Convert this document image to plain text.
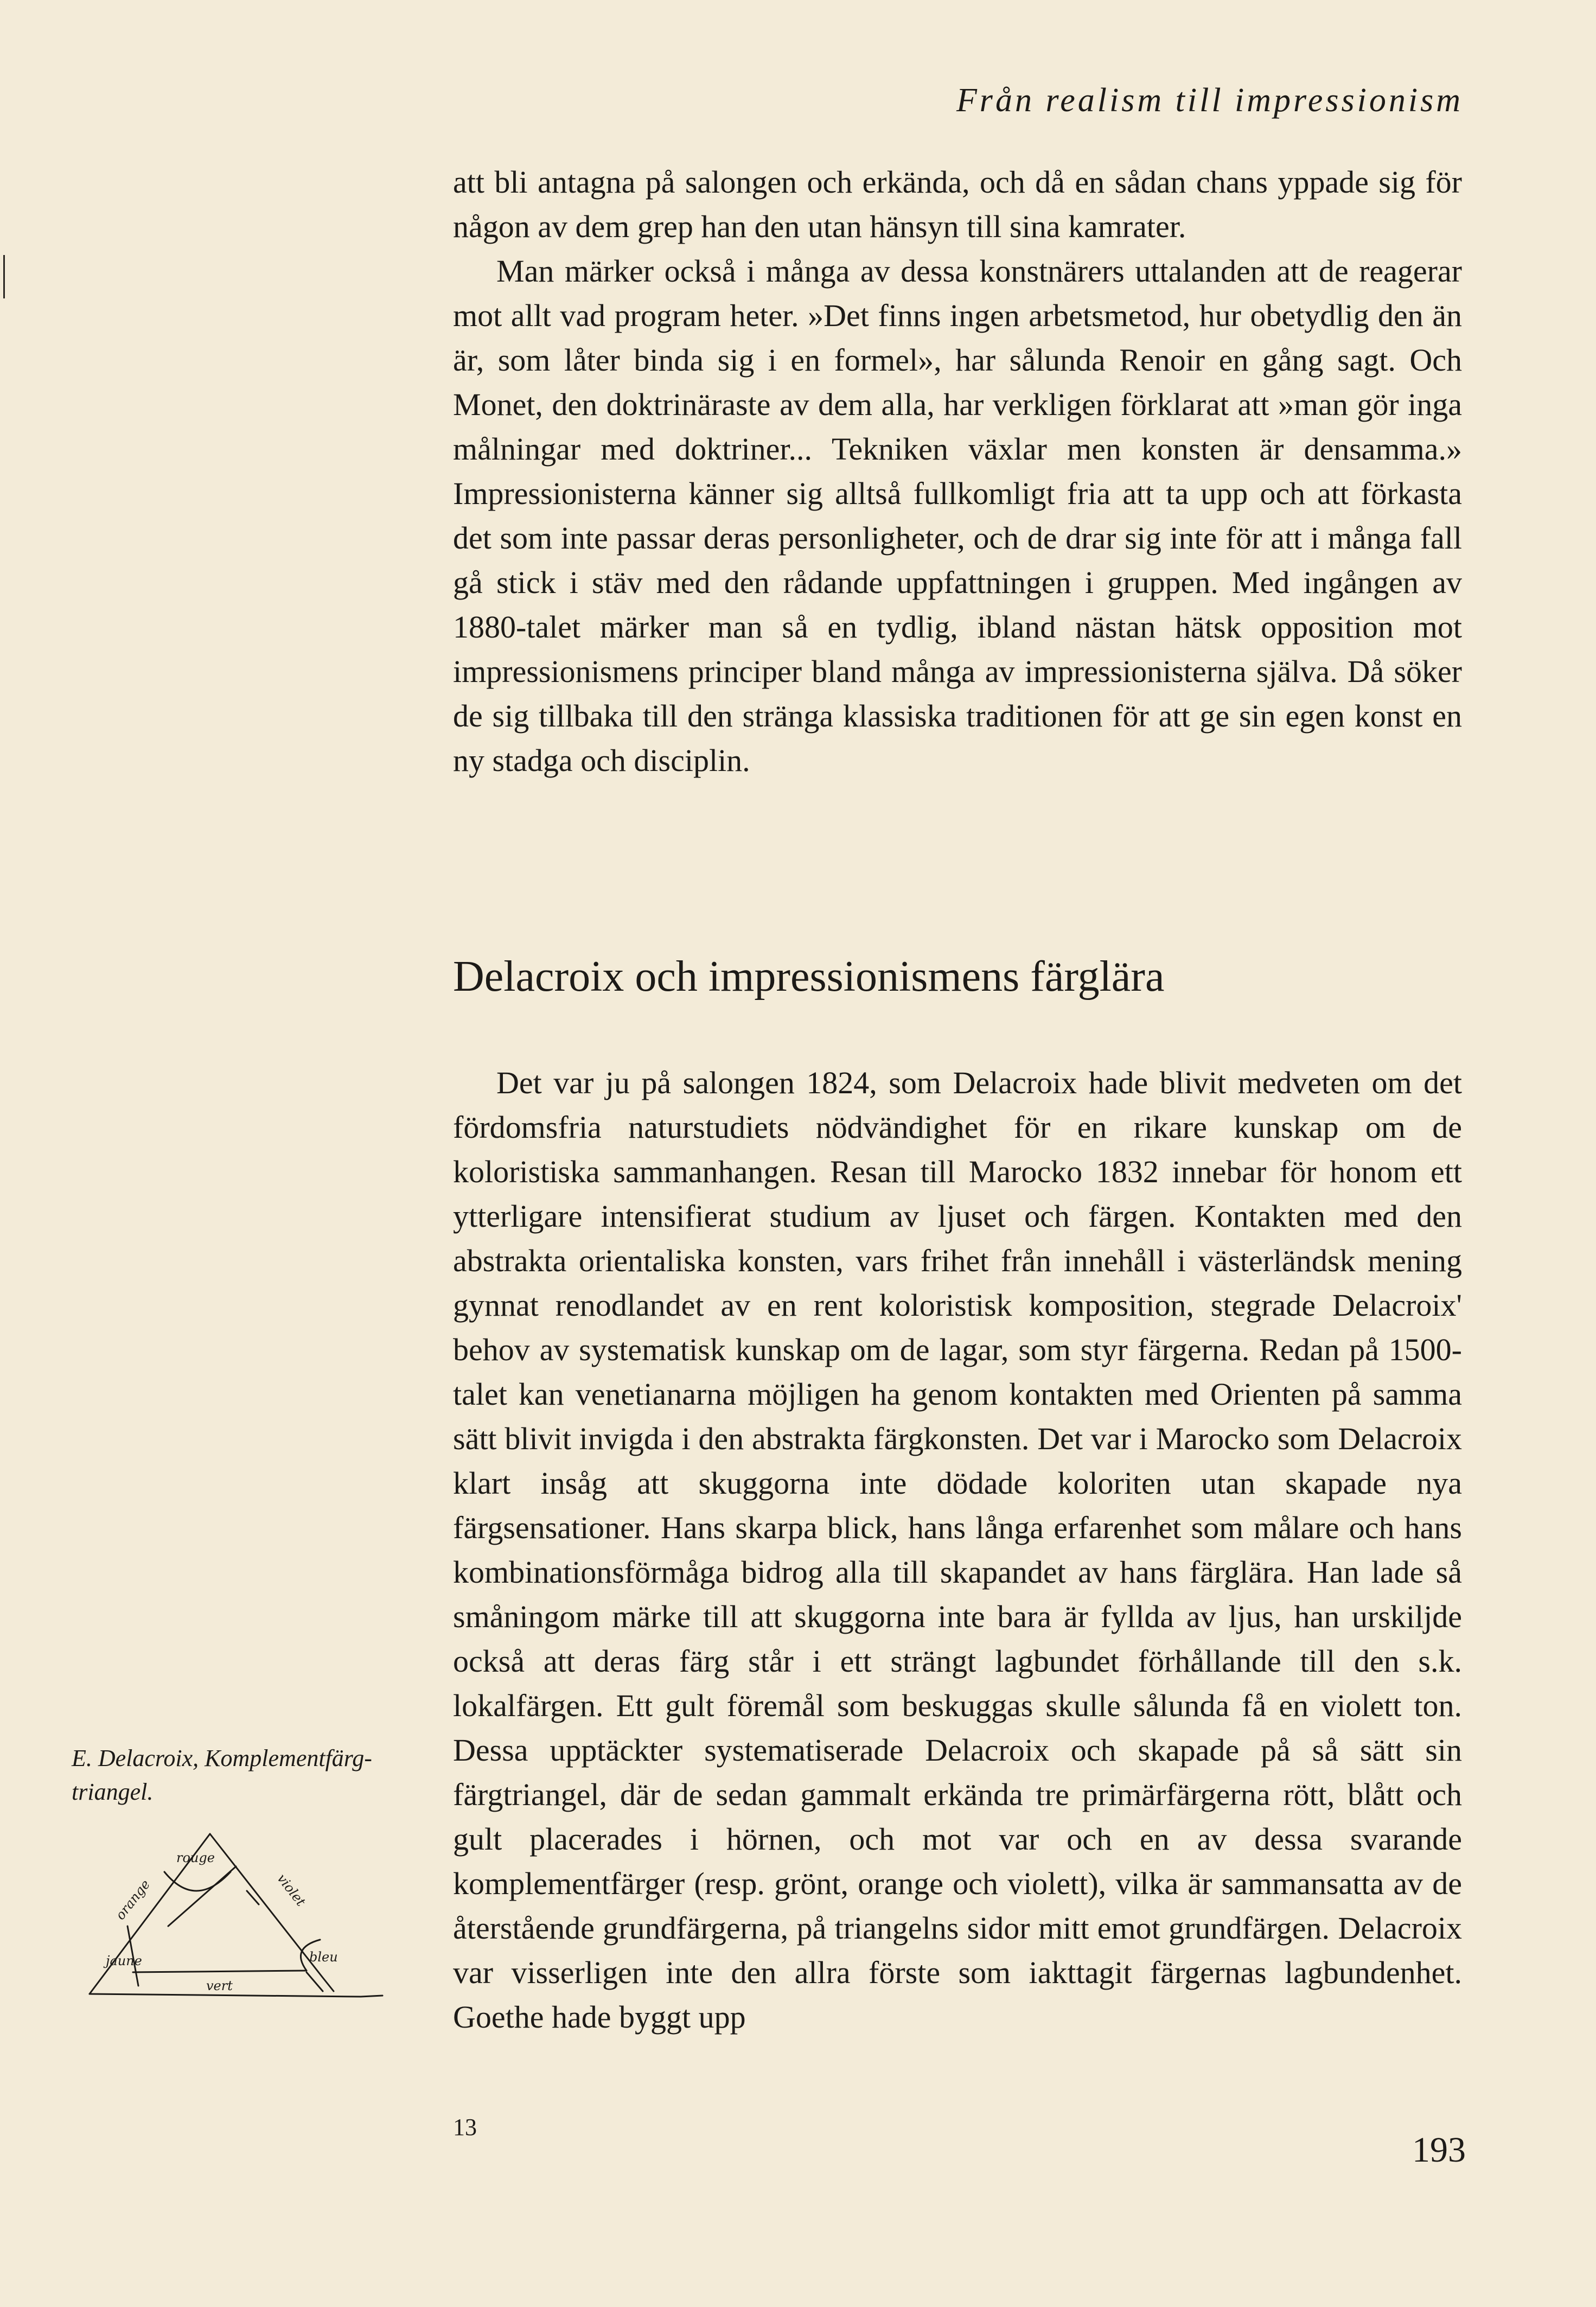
Från realism till impressionism

att bli antagna på salongen och erkända, och då en sådan chans yppade sig för någon av dem grep han den utan hänsyn till sina kamrater.

Man märker också i många av dessa konstnärers uttalanden att de reagerar mot allt vad program heter. »Det finns ingen arbetsmetod, hur obetydlig den än är, som låter binda sig i en formel», har sålunda Renoir en gång sagt. Och Monet, den doktrinäraste av dem alla, har verkligen förklarat att »man gör inga målningar med doktriner... Tekniken växlar men konsten är densamma.» Impressionisterna känner sig alltså fullkomligt fria att ta upp och att förkasta det som inte passar deras personligheter, och de drar sig inte för att i många fall gå stick i stäv med den rådande uppfattningen i gruppen. Med ingången av 1880-talet märker man så en tydlig, ibland nästan hätsk opposition mot impressionismens principer bland många av impressionisterna själva. Då söker de sig tillbaka till den stränga klassiska traditionen för att ge sin egen konst en ny stadga och disciplin.

Delacroix och impressionismens färglära

Det var ju på salongen 1824, som Delacroix hade blivit medveten om det fördomsfria naturstudiets nödvändighet för en rikare kunskap om de koloristiska sammanhangen. Resan till Marocko 1832 innebar för honom ett ytterligare intensifierat studium av ljuset och färgen. Kontakten med den abstrakta orientaliska konsten, vars frihet från innehåll i västerländsk mening gynnat renodlandet av en rent koloristisk komposition, stegrade Delacroix' behov av systematisk kunskap om de lagar, som styr färgerna. Redan på 1500-talet kan venetianarna möjligen ha genom kontakten med Orienten på samma sätt blivit invigda i den abstrakta färgkonsten. Det var i Marocko som Delacroix klart insåg att skuggorna inte dödade koloriten utan skapade nya färgsensationer. Hans skarpa blick, hans långa erfarenhet som målare och hans kombinationsförmåga bidrog alla till skapandet av hans färglära. Han lade så småningom märke till att skuggorna inte bara är fyllda av ljus, han urskiljde också att deras färg står i ett strängt lagbundet förhållande till den s.k. lokalfärgen. Ett gult föremål som beskuggas skulle sålunda få en violett ton. Dessa upptäckter systematiserade Delacroix och skapade på så sätt sin färgtriangel, där de sedan gammalt erkända tre primärfärgerna rött, blått och gult placerades i hörnen, och mot var och en av dessa svarande komplementfärger (resp. grönt, orange och violett), vilka är sammansatta av de återstående grundfärgerna, på triangelns sidor mitt emot grundfärgen. Delacroix var visserligen inte den allra förste som iakttagit färgernas lagbundenhet. Goethe hade byggt upp

E. Delacroix, Komplementfärg-triangel.
rouge
orange	violet
jaune	bleu
vert
13
193
